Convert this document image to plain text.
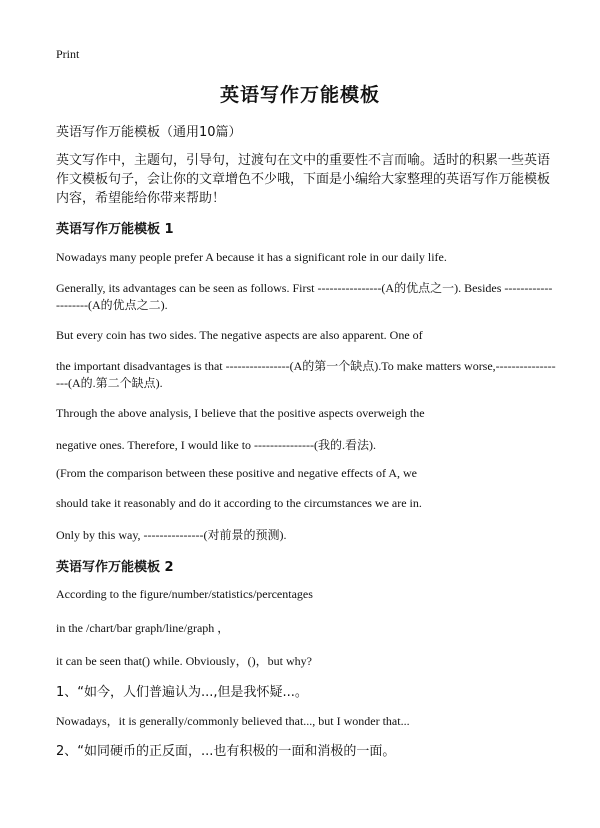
Print
英语写作万能模板
英语写作万能模板（通用10篇）
英文写作中，主题句，引导句，过渡句在文中的重要性不言而喻。适时的积累一些英语作文模板句子，会让你的文章增色不少哦，下面是小编给大家整理的英语写作万能模板内容，希望能给你带来帮助！
英语写作万能模板 1
Nowadays many people prefer A because it has a significant role in our daily life.
Generally, its advantages can be seen as follows. First ----------------(A的优点之一). Besides --------------------(A的优点之二).
But every coin has two sides. The negative aspects are also apparent. One of
the important disadvantages is that ----------------(A的第一个缺点).To make matters worse,------------------(A的.第二个缺点).
Through the above analysis, I believe that the positive aspects overweigh the
negative ones. Therefore, I would like to ---------------(我的.看法).
(From the comparison between these positive and negative effects of A, we
should take it reasonably and do it according to the circumstances we are in.
Only by this way, ---------------(对前景的预测).
英语写作万能模板 2
According to the figure/number/statistics/percentages
in the /chart/bar graph/line/graph ，
it can be seen that() while. Obviously，()，but why?
1、“如今，人们普遍认为...,但是我怀疑...。
Nowadays，it is generally/commonly believed that..., but I wonder that...
2、“如同硬币的正反面，...也有积极的一面和消极的一面。
